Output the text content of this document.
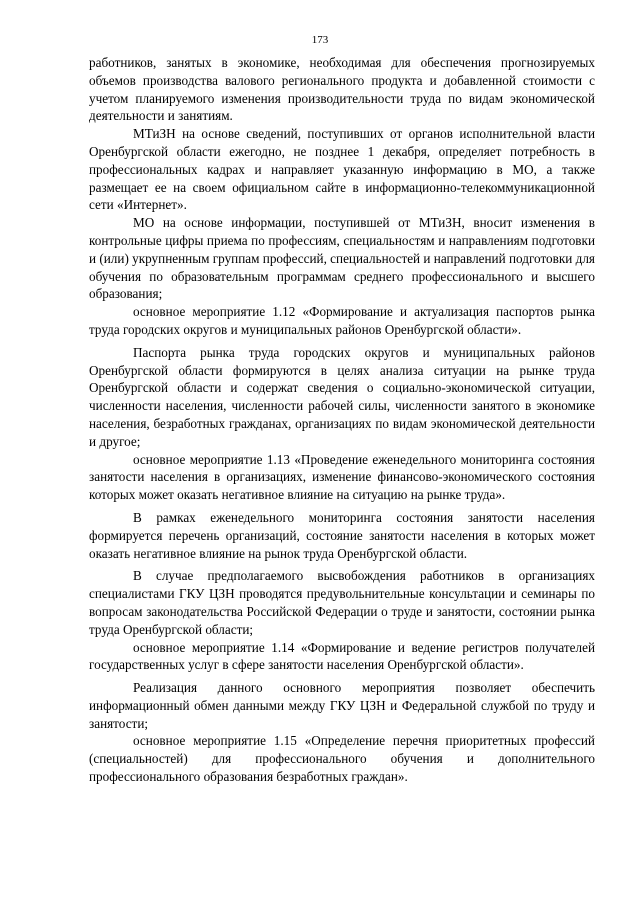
173

работников, занятых в экономике, необходимая для обеспечения прогнозируемых объемов производства валового регионального продукта и добавленной стоимости с учетом планируемого изменения производительности труда по видам экономической деятельности и занятиям.

МТиЗН на основе сведений, поступивших от органов исполнительной власти Оренбургской области ежегодно, не позднее 1 декабря, определяет потребность в профессиональных кадрах и направляет указанную информацию в МО, а также размещает ее на своем официальном сайте в информационно-телекоммуникационной сети «Интернет».

МО на основе информации, поступившей от МТиЗН, вносит изменения в контрольные цифры приема по профессиям, специальностям и направлениям подготовки и (или) укрупненным группам профессий, специальностей и направлений подготовки для обучения по образовательным программам среднего профессионального и высшего образования;

основное мероприятие 1.12 «Формирование и актуализация паспортов рынка труда городских округов и муниципальных районов Оренбургской области».

Паспорта рынка труда городских округов и муниципальных районов Оренбургской области формируются в целях анализа ситуации на рынке труда Оренбургской области и содержат сведения о социально-экономической ситуации, численности населения, численности рабочей силы, численности занятого в экономике населения, безработных гражданах, организациях по видам экономической деятельности и другое;

основное мероприятие 1.13 «Проведение еженедельного мониторинга состояния занятости населения в организациях, изменение финансово-экономического состояния которых может оказать негативное влияние на ситуацию на рынке труда».

В рамках еженедельного мониторинга состояния занятости населения формируется перечень организаций, состояние занятости населения в которых может оказать негативное влияние на рынок труда Оренбургской области.

В случае предполагаемого высвобождения работников в организациях специалистами ГКУ ЦЗН проводятся предувольнительные консультации и семинары по вопросам законодательства Российской Федерации о труде и занятости, состоянии рынка труда Оренбургской области;

основное мероприятие 1.14 «Формирование и ведение регистров получателей государственных услуг в сфере занятости населения Оренбургской области».

Реализация данного основного мероприятия позволяет обеспечить информационный обмен данными между ГКУ ЦЗН и Федеральной службой по труду и занятости;

основное мероприятие 1.15 «Определение перечня приоритетных профессий (специальностей) для профессионального обучения и дополнительного профессионального образования безработных граждан».
